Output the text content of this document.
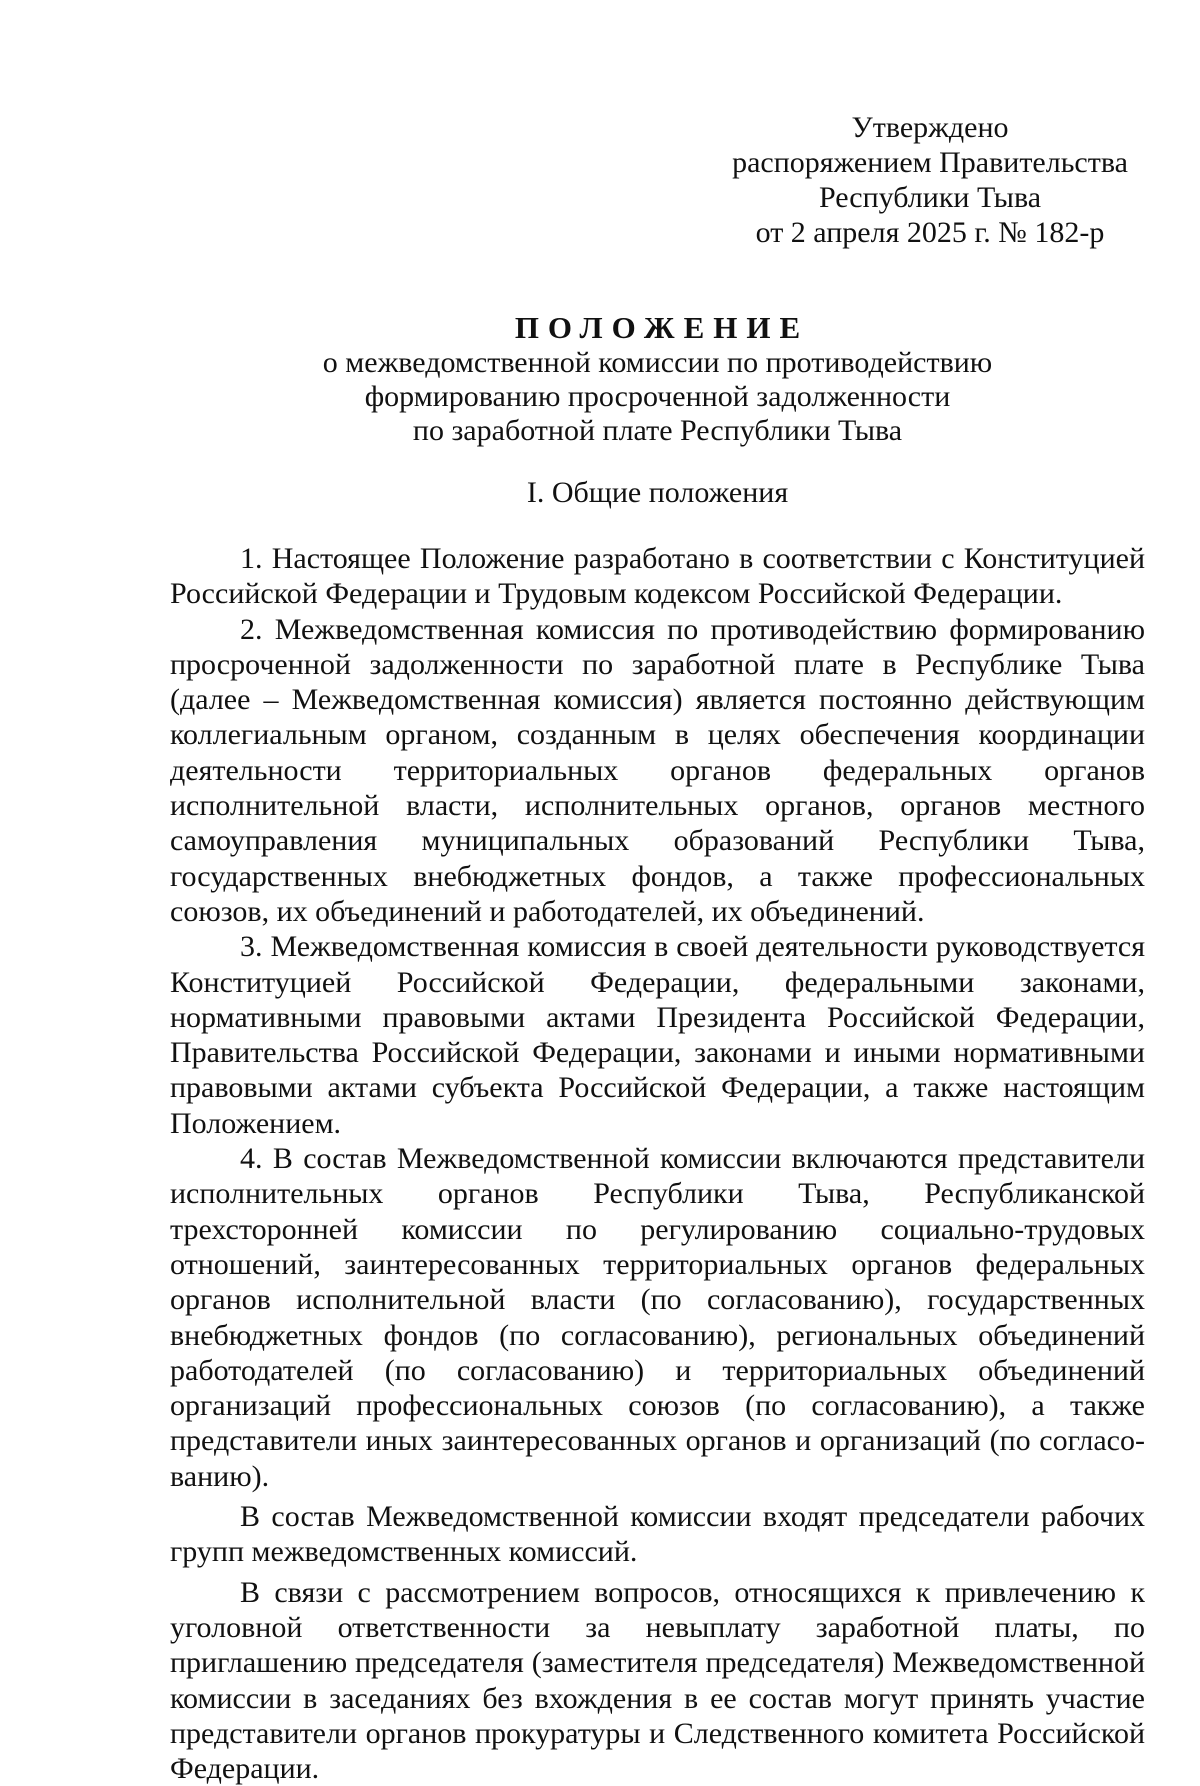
Утверждено
распоряжением Правительства
Республики Тыва
от 2 апреля 2025 г. № 182-р
ПОЛОЖЕНИЕ
о межведомственной комиссии по противодействию
формированию просроченной задолженности
по заработной плате Республики Тыва
I. Общие положения

1. Настоящее Положение разработано в соответствии с Конституцией Российской Федерации и Трудовым кодексом Российской Федерации.

2. Межведомственная комиссия по противодействию формированию просроченной задолженности по заработной плате в Республике Тыва (далее – Межведомственная комиссия) является постоянно действующим коллегиальным органом, созданным в целях обеспечения координации деятельности территориальных органов федеральных органов исполнительной власти, исполнительных органов, органов местного самоуправления муниципальных образований Республики Тыва, государственных внебюджетных фондов, а также профессиональных союзов, их объединений и работодателей, их объединений.

3. Межведомственная комиссия в своей деятельности руководствуется Конституцией Российской Федерации, федеральными законами, нормативными правовыми актами Президента Российской Федерации, Правительства Российской Федерации, законами и иными нормативными правовыми актами субъекта Российской Федерации, а также настоящим Положением.

4. В состав Межведомственной комиссии включаются представители исполнительных органов Республики Тыва, Республиканской трехсторонней комиссии по регулированию социально-трудовых отношений, заинтересованных территориальных органов федеральных органов исполнительной власти (по согласованию), государственных внебюджетных фондов (по согласованию), региональных объединений работодателей (по согласованию) и территориальных объединений организаций профессиональных союзов (по согласованию), а также представители иных заинтересованных органов и организаций (по согласованию).

В состав Межведомственной комиссии входят председатели рабочих групп межведомственных комиссий.

В связи с рассмотрением вопросов, относящихся к привлечению к уголовной ответственности за невыплату заработной платы, по приглашению председателя (заместителя председателя) Межведомственной комиссии в заседаниях без вхождения в ее состав могут принять участие представители органов прокуратуры и Следственного комитета Российской Федерации.
